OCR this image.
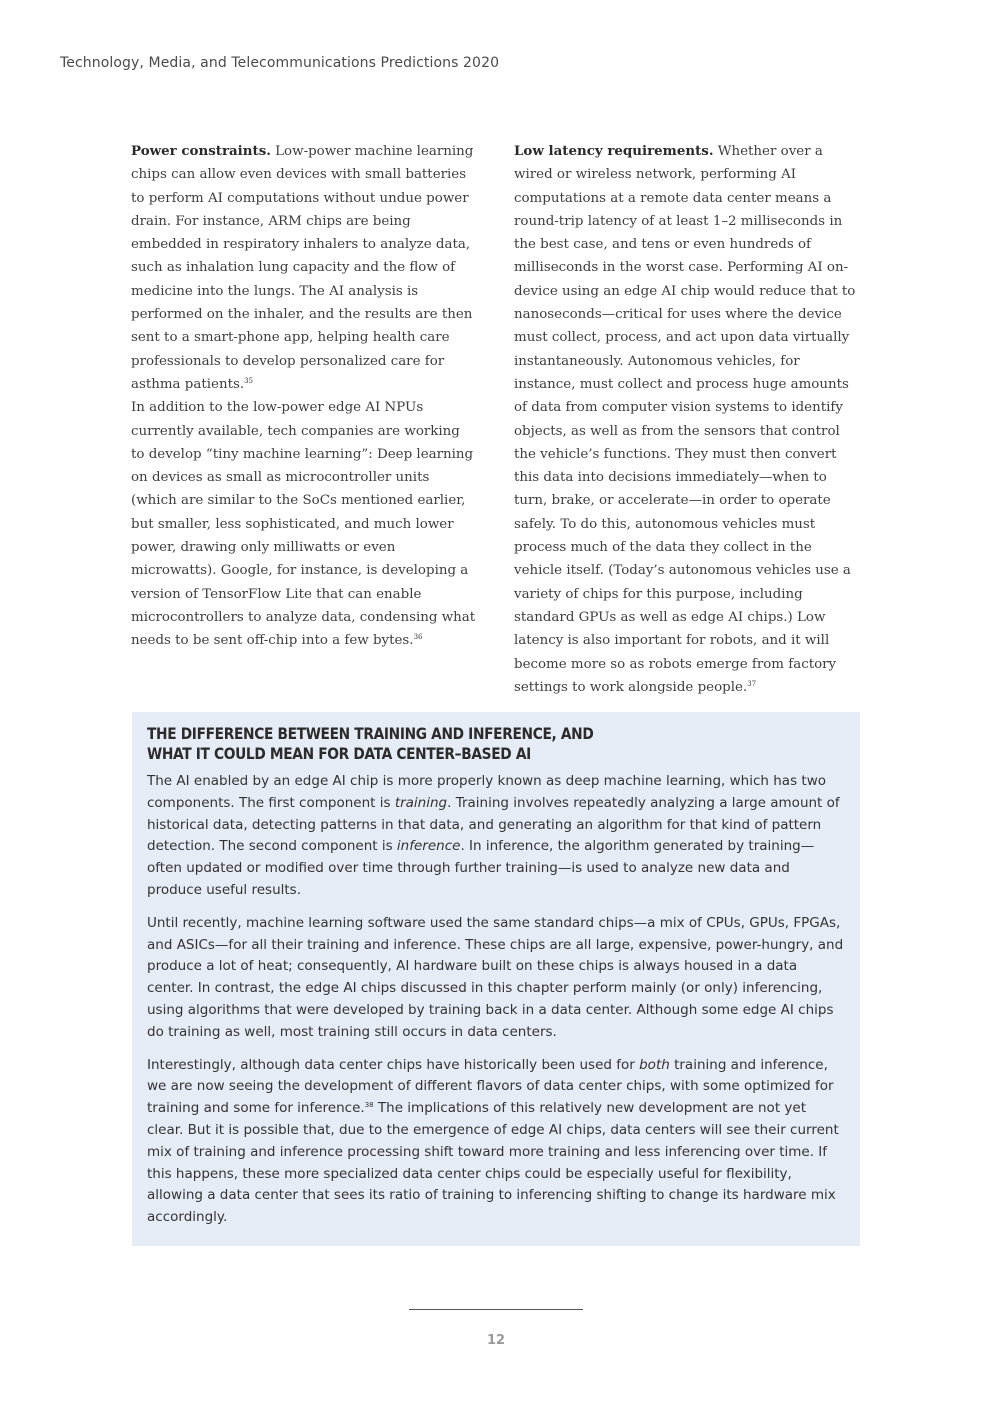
Technology, Media, and Telecommunications Predictions 2020

Power constraints. Low-power machine learning chips can allow even devices with small batteries to perform AI computations without undue power drain. For instance, ARM chips are being embedded in respiratory inhalers to analyze data, such as inhalation lung capacity and the flow of medicine into the lungs. The AI analysis is performed on the inhaler, and the results are then sent to a smart-phone app, helping health care professionals to develop personalized care for asthma patients.$^{35}$

In addition to the low-power edge AI NPUs currently available, tech companies are working to develop “tiny machine learning”: Deep learning on devices as small as microcontroller units (which are similar to the SoCs mentioned earlier, but smaller, less sophisticated, and much lower power, drawing only milliwatts or even microwatts). Google, for instance, is developing a version of TensorFlow Lite that can enable microcontrollers to analyze data, condensing what needs to be sent off-chip into a few bytes.$^{36}$

Low latency requirements. Whether over a wired or wireless network, performing AI computations at a remote data center means a round-trip latency of at least 1–2 milliseconds in the best case, and tens or even hundreds of milliseconds in the worst case. Performing AI on-device using an edge AI chip would reduce that to nanoseconds—critical for uses where the device must collect, process, and act upon data virtually instantaneously. Autonomous vehicles, for instance, must collect and process huge amounts of data from computer vision systems to identify objects, as well as from the sensors that control the vehicle’s functions. They must then convert this data into decisions immediately—when to turn, brake, or accelerate—in order to operate safely. To do this, autonomous vehicles must process much of the data they collect in the vehicle itself. (Today’s autonomous vehicles use a variety of chips for this purpose, including standard GPUs as well as edge AI chips.) Low latency is also important for robots, and it will become more so as robots emerge from factory settings to work alongside people.$^{37}$

THE DIFFERENCE BETWEEN TRAINING AND INFERENCE, AND
WHAT IT COULD MEAN FOR DATA CENTER–BASED AI

The AI enabled by an edge AI chip is more properly known as deep machine learning, which has two components. The first component is training. Training involves repeatedly analyzing a large amount of historical data, detecting patterns in that data, and generating an algorithm for that kind of pattern detection. The second component is inference. In inference, the algorithm generated by training—often updated or modified over time through further training—is used to analyze new data and produce useful results.

Until recently, machine learning software used the same standard chips—a mix of CPUs, GPUs, FPGAs, and ASICs—for all their training and inference. These chips are all large, expensive, power-hungry, and produce a lot of heat; consequently, AI hardware built on these chips is always housed in a data center. In contrast, the edge AI chips discussed in this chapter perform mainly (or only) inferencing, using algorithms that were developed by training back in a data center. Although some edge AI chips do training as well, most training still occurs in data centers.

Interestingly, although data center chips have historically been used for both training and inference, we are now seeing the development of different flavors of data center chips, with some optimized for training and some for inference.$^{38}$ The implications of this relatively new development are not yet clear. But it is possible that, due to the emergence of edge AI chips, data centers will see their current mix of training and inference processing shift toward more training and less inferencing over time. If this happens, these more specialized data center chips could be especially useful for flexibility, allowing a data center that sees its ratio of training to inferencing shifting to change its hardware mix accordingly.

12
